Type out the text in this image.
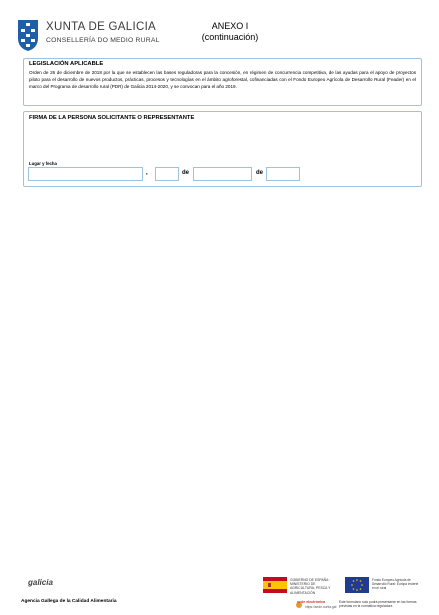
XUNTA DE GALICIA
CONSELLERÍA DO MEDIO RURAL
ANEXO I
(continuación)
LEGISLACIÓN APLICABLE
Orden de 26 de diciembre de 2018 por la que se establecen las bases reguladoras para la concesión, en régimen de concurrencia competitiva, de las ayudas para el apoyo de proyectos piloto para el desarrollo de nuevos productos, prácticas, procesos y tecnologías en el ámbito agroforestal, cofinanciadas con el Fondo Europeo Agrícola de Desarrollo Rural (Feader) en el marco del Programa de desarrollo rural (PDR) de Galicia 2014-2020, y se convocan para el año 2019.
FIRMA DE LA PERSONA SOLICITANTE O REPRESENTANTE
Lugar y fecha
,	de	de
galicia
Agencia Gallega de la Calidad Alimentaria
GOBIERNO DE ESPAÑA · MINISTERIO DE AGRICULTURA, PESCA Y ALIMENTACIÓN
Fondo Europeo Agrícola de Desarrollo Rural: Europa invierte en el rural
sede electrónica
https://sede.xunta.gal
Este formulario solo podrá presentarse en las formas previstas en la normativa reguladora
